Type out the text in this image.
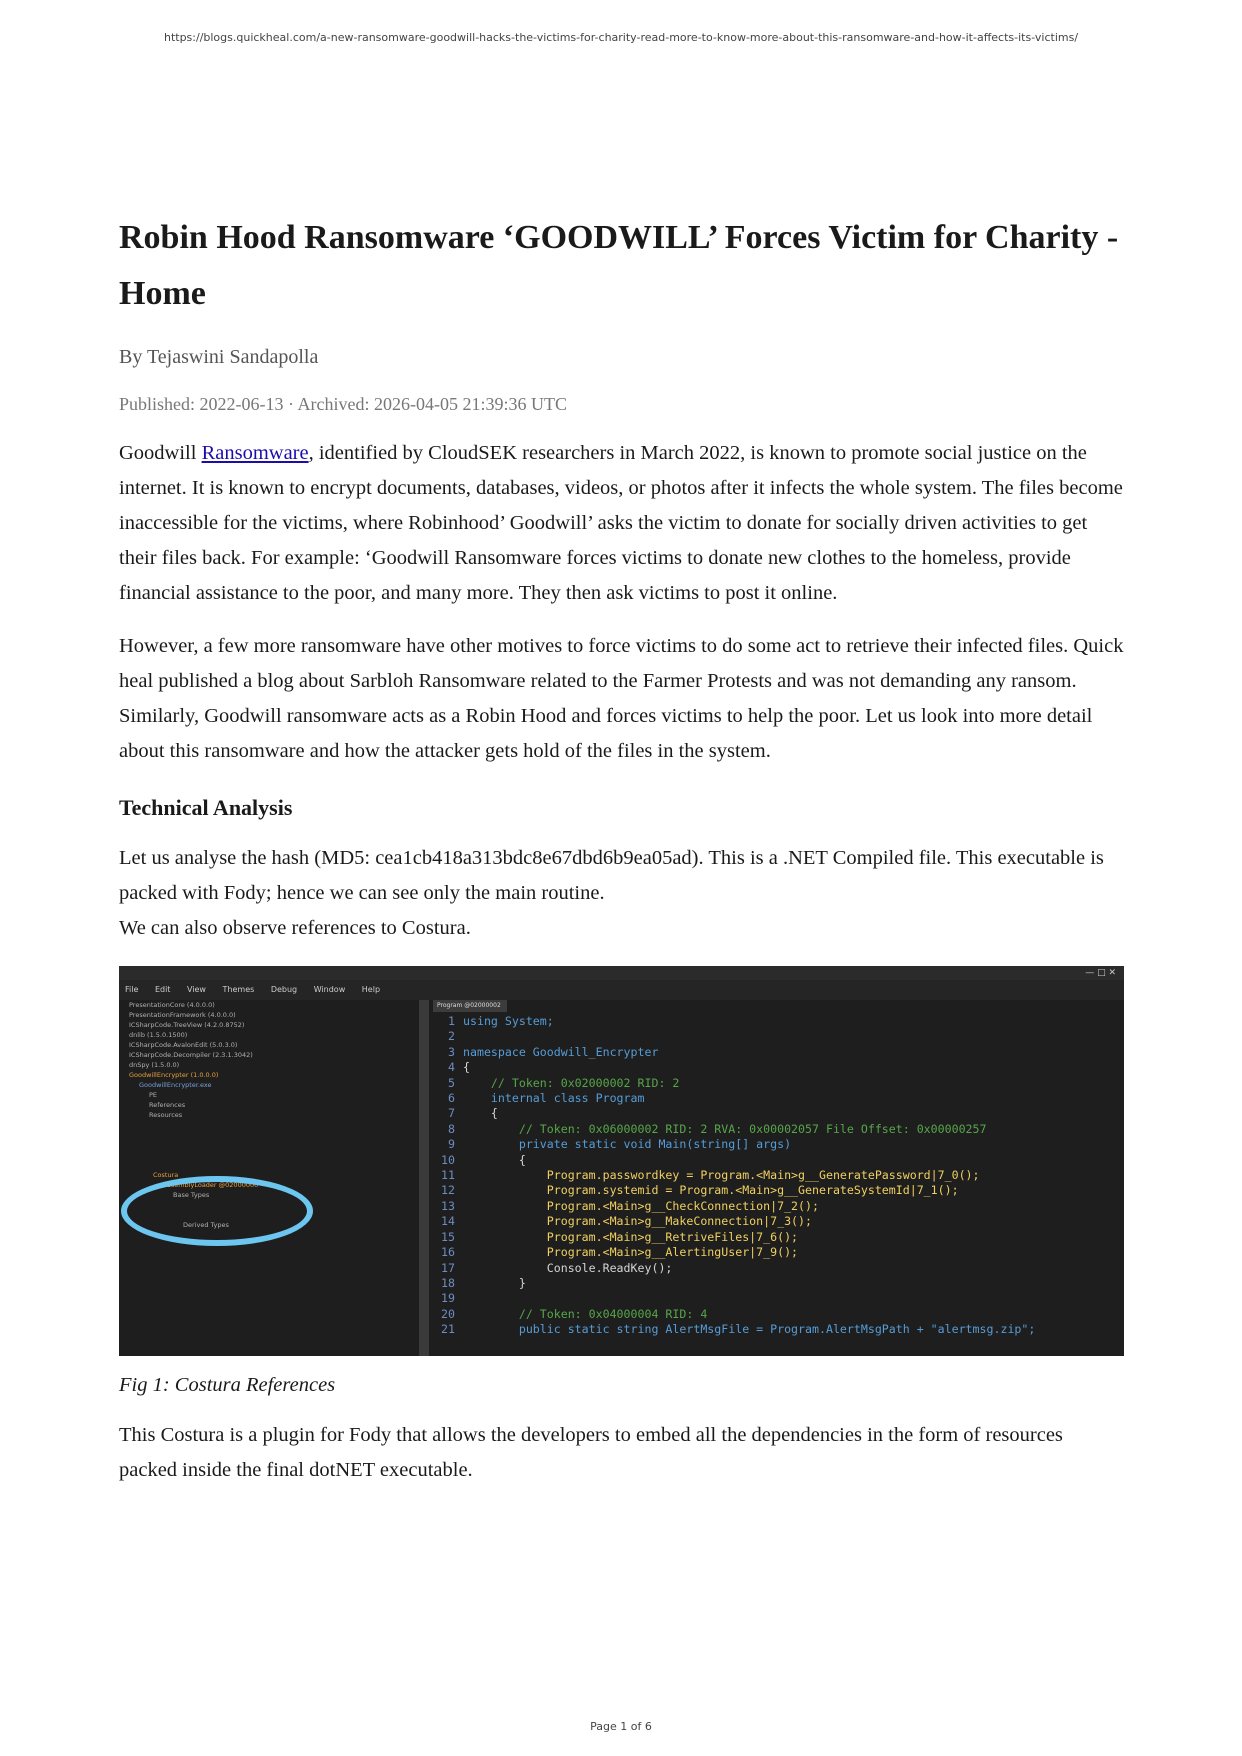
https://blogs.quickheal.com/a-new-ransomware-goodwill-hacks-the-victims-for-charity-read-more-to-know-more-about-this-ransomware-and-how-it-affects-its-victims/
Robin Hood Ransomware ‘GOODWILL’ Forces Victim for Charity - Home
By Tejaswini Sandapolla
Published: 2022-06-13 · Archived: 2026-04-05 21:39:36 UTC

Goodwill Ransomware, identified by CloudSEK researchers in March 2022, is known to promote social justice on the internet. It is known to encrypt documents, databases, videos, or photos after it infects the whole system. The files become inaccessible for the victims, where Robinhood’ Goodwill’ asks the victim to donate for socially driven activities to get their files back. For example: ‘Goodwill Ransomware forces victims to donate new clothes to the homeless, provide financial assistance to the poor, and many more. They then ask victims to post it online.

However, a few more ransomware have other motives to force victims to do some act to retrieve their infected files. Quick heal published a blog about Sarbloh Ransomware related to the Farmer Protests and was not demanding any ransom. Similarly, Goodwill ransomware acts as a Robin Hood and forces victims to help the poor. Let us look into more detail about this ransomware and how the attacker gets hold of the files in the system.

Technical Analysis

Let us analyse the hash (MD5: cea1cb418a313bdc8e67dbd6b9ea05ad). This is a .NET Compiled file. This executable is packed with Fody; hence we can see only the main routine.
We can also observe references to Costura.

— □ ✕
File Edit View Themes Debug Window Help
PresentationCore (4.0.0.0)
PresentationFramework (4.0.0.0)
ICSharpCode.TreeView (4.2.0.8752)
dnlib (1.5.0.1500)
ICSharpCode.AvalonEdit (5.0.3.0)
ICSharpCode.Decompiler (2.3.1.3042)
dnSpy (1.5.0.0)
GoodwillEncrypter (1.0.0.0)
GoodwillEncrypter.exe
PE
References
Resources
Costura
AssemblyLoader @02000000
Base Types
Derived Types
Program @02000002
1 using System;
2
3 namespace Goodwill_Encrypter
4 {
5    // Token: 0x02000002 RID: 2
6    internal class Program
7    {
8        // Token: 0x06000002 RID: 2 RVA: 0x00002057 File Offset: 0x00000257
9        private static void Main(string[] args)
10        {
11            Program.passwordkey = Program.<Main>g__GeneratePassword|7_0();
12            Program.systemid = Program.<Main>g__GenerateSystemId|7_1();
13            Program.<Main>g__CheckConnection|7_2();
14            Program.<Main>g__MakeConnection|7_3();
15            Program.<Main>g__RetriveFiles|7_6();
16            Program.<Main>g__AlertingUser|7_9();
17            Console.ReadKey();
18        }
19
20        // Token: 0x04000004 RID: 4
21        public static string AlertMsgFile = Program.AlertMsgPath + "alertmsg.zip";
Fig 1: Costura References

This Costura is a plugin for Fody that allows the developers to embed all the dependencies in the form of resources packed inside the final dotNET executable.

Page 1 of 6
